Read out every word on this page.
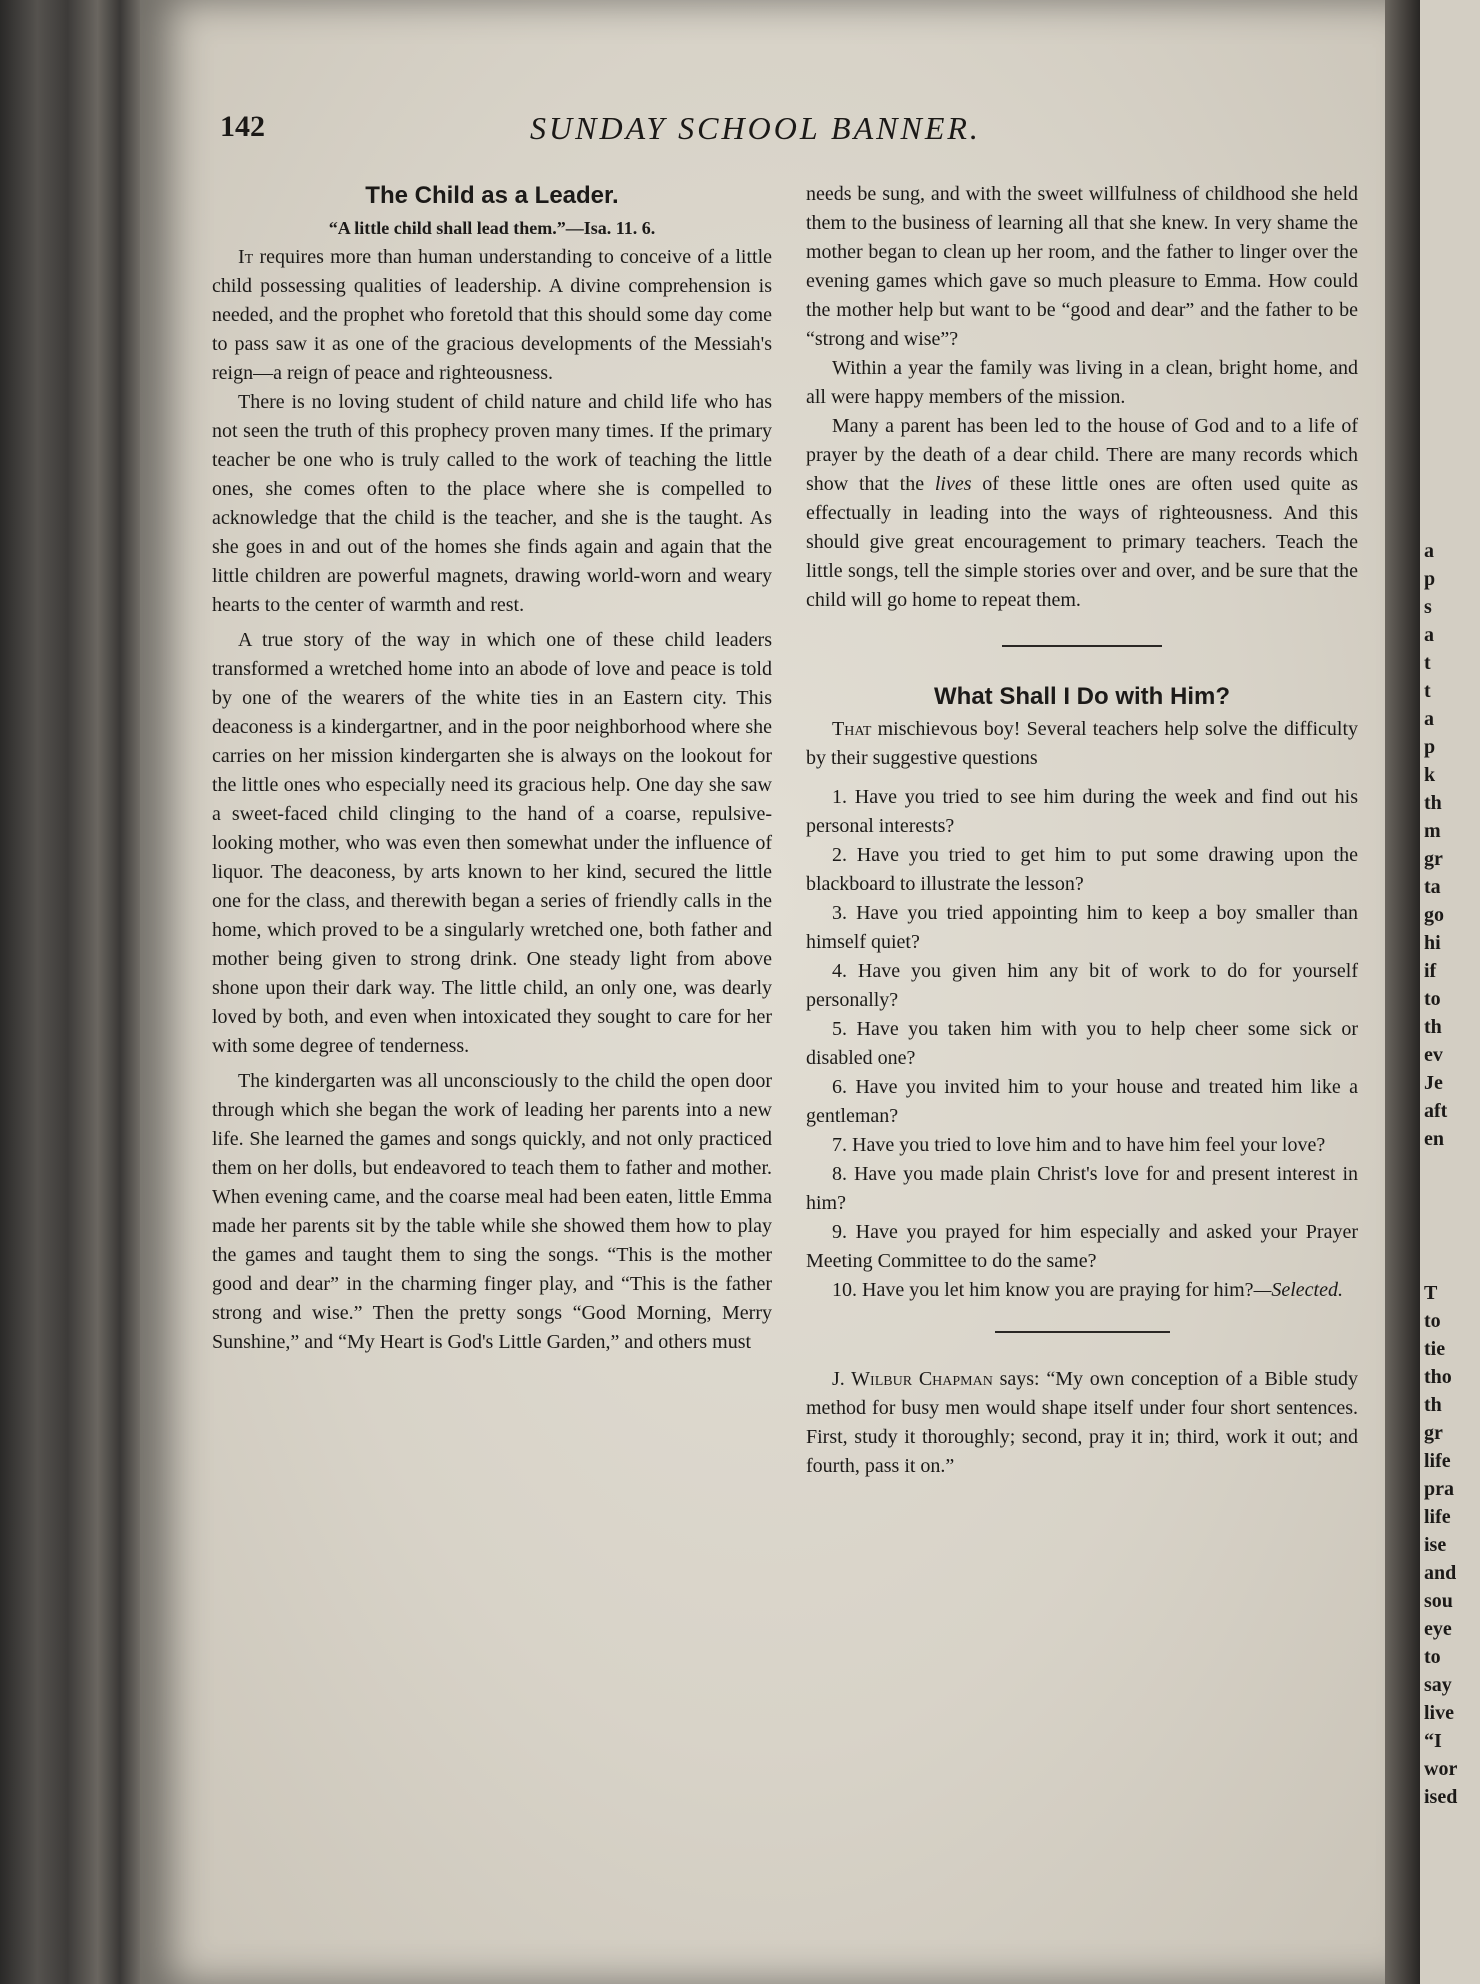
a
p
s
a
t
t
a
p
k
th
m
gr
ta
go
hi
if
to
th
ev
Je
aft
en
T
to
tie
tho
th
gr
life
pra
life
ise
and
sou
eye
to
say
live
“I
wor
ised
142	SUNDAY SCHOOL BANNER.
The Child as a Leader.

“A little child shall lead them.”—Isa. 11. 6.

It requires more than human understanding to conceive of a little child possessing qualities of leadership. A divine comprehension is needed, and the prophet who foretold that this should some day come to pass saw it as one of the gracious developments of the Messiah's reign—a reign of peace and righteousness.

There is no loving student of child nature and child life who has not seen the truth of this prophecy proven many times. If the primary teacher be one who is truly called to the work of teaching the little ones, she comes often to the place where she is compelled to acknowledge that the child is the teacher, and she is the taught. As she goes in and out of the homes she finds again and again that the little children are powerful magnets, drawing world-worn and weary hearts to the center of warmth and rest.

A true story of the way in which one of these child leaders transformed a wretched home into an abode of love and peace is told by one of the wearers of the white ties in an Eastern city. This deaconess is a kindergartner, and in the poor neighborhood where she carries on her mission kindergarten she is always on the lookout for the little ones who especially need its gracious help. One day she saw a sweet-faced child clinging to the hand of a coarse, repulsive-looking mother, who was even then somewhat under the influence of liquor. The deaconess, by arts known to her kind, secured the little one for the class, and therewith began a series of friendly calls in the home, which proved to be a singularly wretched one, both father and mother being given to strong drink. One steady light from above shone upon their dark way. The little child, an only one, was dearly loved by both, and even when intoxicated they sought to care for her with some degree of tenderness.

The kindergarten was all unconsciously to the child the open door through which she began the work of leading her parents into a new life. She learned the games and songs quickly, and not only practiced them on her dolls, but endeavored to teach them to father and mother. When evening came, and the coarse meal had been eaten, little Emma made her parents sit by the table while she showed them how to play the games and taught them to sing the songs. “This is the mother good and dear” in the charming finger play, and “This is the father strong and wise.” Then the pretty songs “Good Morning, Merry Sunshine,” and “My Heart is God's Little Garden,” and others must

needs be sung, and with the sweet willfulness of childhood she held them to the business of learning all that she knew. In very shame the mother began to clean up her room, and the father to linger over the evening games which gave so much pleasure to Emma. How could the mother help but want to be “good and dear” and the father to be “strong and wise”?

Within a year the family was living in a clean, bright home, and all were happy members of the mission.

Many a parent has been led to the house of God and to a life of prayer by the death of a dear child. There are many records which show that the lives of these little ones are often used quite as effectually in leading into the ways of righteousness. And this should give great encouragement to primary teachers. Teach the little songs, tell the simple stories over and over, and be sure that the child will go home to repeat them.

What Shall I Do with Him?

That mischievous boy! Several teachers help solve the difficulty by their suggestive questions

1. Have you tried to see him during the week and find out his personal interests?

2. Have you tried to get him to put some drawing upon the blackboard to illustrate the lesson?

3. Have you tried appointing him to keep a boy smaller than himself quiet?

4. Have you given him any bit of work to do for yourself personally?

5. Have you taken him with you to help cheer some sick or disabled one?

6. Have you invited him to your house and treated him like a gentleman?

7. Have you tried to love him and to have him feel your love?

8. Have you made plain Christ's love for and present interest in him?

9. Have you prayed for him especially and asked your Prayer Meeting Committee to do the same?

10. Have you let him know you are praying for him?—Selected.

J. Wilbur Chapman says: “My own conception of a Bible study method for busy men would shape itself under four short sentences. First, study it thoroughly; second, pray it in; third, work it out; and fourth, pass it on.”
